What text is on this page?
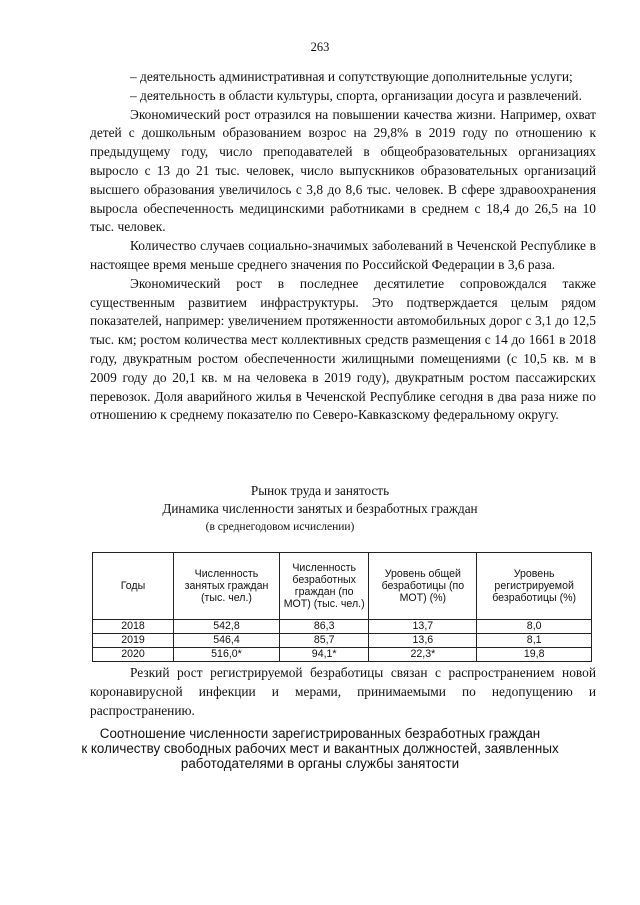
263

– деятельность административная и сопутствующие дополнительные услуги;

– деятельность в области культуры, спорта, организации досуга и развлечений.

Экономический рост отразился на повышении качества жизни. Например, охват детей с дошкольным образованием возрос на 29,8% в 2019 году по отношению к предыдущему году, число преподавателей в общеобразовательных организациях выросло с 13 до 21 тыс. человек, число выпускников образовательных организаций высшего образования увеличилось с 3,8 до 8,6 тыс. человек. В сфере здравоохранения выросла обеспеченность медицинскими работниками в среднем с 18,4 до 26,5 на 10 тыс. человек.

Количество случаев социально-значимых заболеваний в Чеченской Республике в настоящее время меньше среднего значения по Российской Федерации в 3,6 раза.

Экономический рост в последнее десятилетие сопровождался также существенным развитием инфраструктуры. Это подтверждается целым рядом показателей, например: увеличением протяженности автомобильных дорог с 3,1 до 12,5 тыс. км; ростом количества мест коллективных средств размещения с 14 до 1661 в 2018 году, двукратным ростом обеспеченности жилищными помещениями (с 10,5 кв. м в 2009 году до 20,1 кв. м на человека в 2019 году), двукратным ростом пассажирских перевозок. Доля аварийного жилья в Чеченской Республике сегодня в два раза ниже по отношению к среднему показателю по Северо-Кавказскому федеральному округу.

Рынок труда и занятость
Динамика численности занятых и безработных граждан
(в среднегодовом исчислении)
Годы	Численность занятых граждан (тыс. чел.)	Численность безработных граждан (по МОТ) (тыс. чел.)	Уровень общей безработицы (по МОТ) (%)	Уровень регистрируемой безработицы (%)
2018	542,8	86,3	13,7	8,0
2019	546,4	85,7	13,6	8,1
2020	516,0*	94,1*	22,3*	19,8

Резкий рост регистрируемой безработицы связан с распространением новой коронавирусной инфекции и мерами, принимаемыми по недопущению и распространению.

Соотношение численности зарегистрированных безработных граждан
к количеству свободных рабочих мест и вакантных должностей, заявленных
работодателями в органы службы занятости
